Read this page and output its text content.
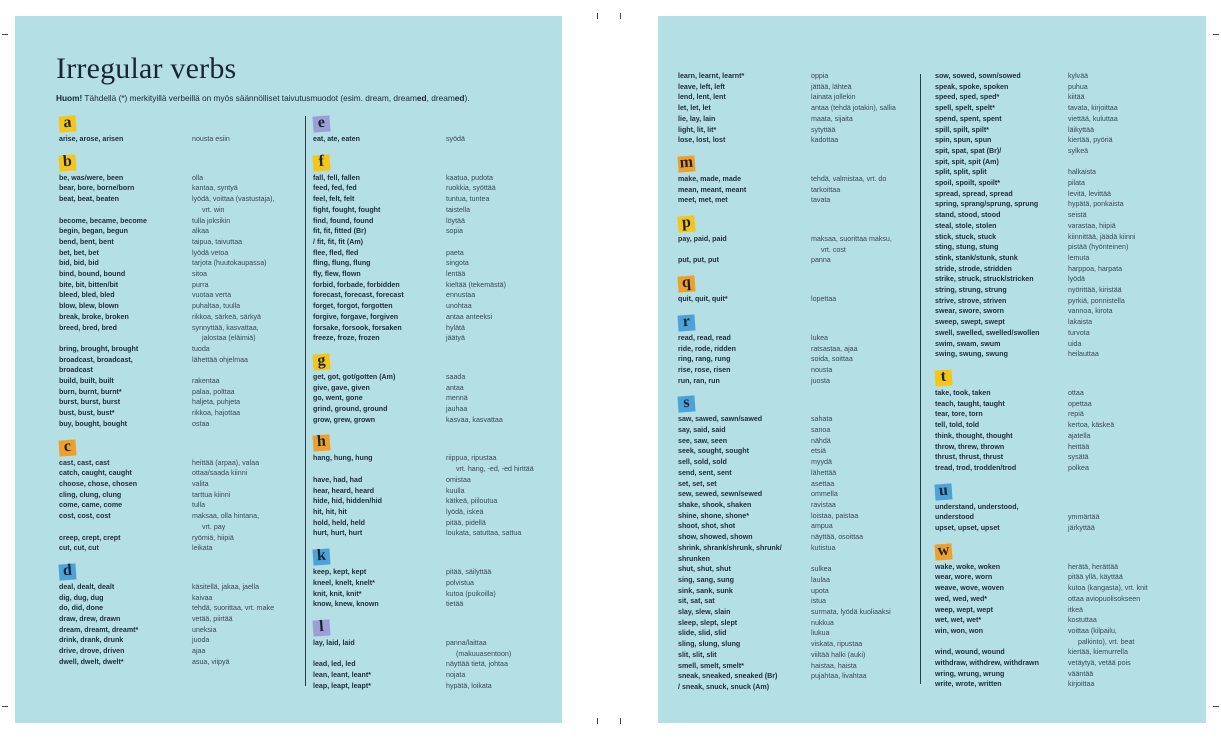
Irregular verbs

Huom! Tähdellä (*) merkityillä verbeillä on myös säännölliset taivutusmuodot (esim. dream, dreamed, dreamed).

a
arise, arose, arisen	nousta esiin
b
be, was/were, been	olla
bear, bore, borne/born	kantaa, syntyä
beat, beat, beaten	lyödä, voittaa (vastustaja),
vrt. win
become, became, become	tulla joksikin
begin, began, begun	alkaa
bend, bent, bent	taipua, taivuttaa
bet, bet, bet	lyödä vetoa
bid, bid, bid	tarjota (huutokaupassa)
bind, bound, bound	sitoa
bite, bit, bitten/bit	purra
bleed, bled, bled	vuotaa verta
blow, blew, blown	puhaltaa, tuulla
break, broke, broken	rikkoa, särkeä, särkyä
breed, bred, bred	synnyttää, kasvattaa,
jalostaa (eläimiä)
bring, brought, brought	tuoda
broadcast, broadcast,	lähettää ohjelmaa
broadcast
build, built, built	rakentaa
burn, burnt, burnt*	palaa, polttaa
burst, burst, burst	haljeta, puhjeta
bust, bust, bust*	rikkoa, hajottaa
buy, bought, bought	ostaa
c
cast, cast, cast	heittää (arpaa), valaa
catch, caught, caught	ottaa/saada kiinni
choose, chose, chosen	valita
cling, clung, clung	tarttua kiinni
come, came, come	tulla
cost, cost, cost	maksaa, olla hintana,
vrt. pay
creep, crept, crept	ryömiä, hiipiä
cut, cut, cut	leikata
d
deal, dealt, dealt	käsitellä, jakaa, jaella
dig, dug, dug	kaivaa
do, did, done	tehdä, suorittaa, vrt. make
draw, drew, drawn	vetää, piirtää
dream, dreamt, dreamt*	uneksia
drink, drank, drunk	juoda
drive, drove, driven	ajaa
dwell, dwelt, dwelt*	asua, viipyä
e
eat, ate, eaten	syödä
f
fall, fell, fallen	kaatua, pudota
feed, fed, fed	ruokkia, syöttää
feel, felt, felt	tuntua, tuntea
fight, fought, fought	taistella
find, found, found	löytää
fit, fit, fitted (Br)	sopia
/ fit, fit, fit (Am)
flee, fled, fled	paeta
fling, flung, flung	singota
fly, flew, flown	lentää
forbid, forbade, forbidden	kieltää (tekemästä)
forecast, forecast, forecast	ennustaa
forget, forgot, forgotten	unohtaa
forgive, forgave, forgiven	antaa anteeksi
forsake, forsook, forsaken	hylätä
freeze, froze, frozen	jäätyä
g
get, got, got/gotten (Am)	saada
give, gave, given	antaa
go, went, gone	mennä
grind, ground, ground	jauhaa
grow, grew, grown	kasvaa, kasvattaa
h
hang, hung, hung	riippua, ripustaa
vrt. hang, -ed, -ed hirttää
have, had, had	omistaa
hear, heard, heard	kuulla
hide, hid, hidden/hid	kätkeä, piiloutua
hit, hit, hit	lyödä, iskeä
hold, held, held	pitää, pidellä
hurt, hurt, hurt	loukata, satuttaa, sattua
k
keep, kept, kept	pitää, säilyttää
kneel, knelt, knelt*	polvistua
knit, knit, knit*	kutoa (puikoilla)
know, knew, known	tietää
l
lay, laid, laid	panna/laittaa
(makuuasentoon)
lead, led, led	näyttää tietä, johtaa
lean, leant, leant*	nojata
leap, leapt, leapt*	hypätä, loikata
learn, learnt, learnt*	oppia
leave, left, left	jättää, lähteä
lend, lent, lent	lainata jollekin
let, let, let	antaa (tehdä jotakin), sallia
lie, lay, lain	maata, sijaita
light, lit, lit*	sytyttää
lose, lost, lost	kadottaa
m
make, made, made	tehdä, valmistaa, vrt. do
mean, meant, meant	tarkoittaa
meet, met, met	tavata
p
pay, paid, paid	maksaa, suorittaa maksu,
vrt. cost
put, put, put	panna
q
quit, quit, quit*	lopettaa
r
read, read, read	lukea
ride, rode, ridden	ratsastaa, ajaa
ring, rang, rung	soida, soittaa
rise, rose, risen	nousta
run, ran, run	juosta
s
saw, sawed, sawn/sawed	sahata
say, said, said	sanoa
see, saw, seen	nähdä
seek, sought, sought	etsiä
sell, sold, sold	myydä
send, sent, sent	lähettää
set, set, set	asettaa
sew, sewed, sewn/sewed	ommella
shake, shook, shaken	ravistaa
shine, shone, shone*	loistaa, paistaa
shoot, shot, shot	ampua
show, showed, shown	näyttää, osoittaa
shrink, shrank/shrunk, shrunk/	kutistua
shrunken
shut, shut, shut	sulkea
sing, sang, sung	laulaa
sink, sank, sunk	upota
sit, sat, sat	istua
slay, slew, slain	surmata, lyödä kuoliaaksi
sleep, slept, slept	nukkua
slide, slid, slid	liukua
sling, slung, slung	viskata, ripustaa
slit, slit, slit	viiltää halki (auki)
smell, smelt, smelt*	haistaa, haista
sneak, sneaked, sneaked (Br)	pujahtaa, livahtaa
/ sneak, snuck, snuck (Am)
sow, sowed, sown/sowed	kylvää
speak, spoke, spoken	puhua
speed, sped, sped*	kiitää
spell, spelt, spelt*	tavata, kirjoittaa
spend, spent, spent	viettää, kuluttaa
spill, spilt, spilt*	läikyttää
spin, spun, spun	kiertää, pyöriä
spit, spat, spat (Br)/	sylkeä
spit, spit, spit (Am)
split, split, split	halkaista
spoil, spoilt, spoilt*	pilata
spread, spread, spread	levitä, levittää
spring, sprang/sprung, sprung	hypätä, ponkaista
stand, stood, stood	seistä
steal, stole, stolen	varastaa, hiipiä
stick, stuck, stuck	kiinnittää, jäädä kiinni
sting, stung, stung	pistää (hyönteinen)
stink, stank/stunk, stunk	lemuta
stride, strode, stridden	harppoa, harpata
strike, struck, struck/stricken	lyödä
string, strung, strung	nyörittää, kiristää
strive, strove, striven	pyrkiä, ponnistella
swear, swore, sworn	vannoa, kirota
sweep, swept, swept	lakaista
swell, swelled, swelled/swollen	turvota
swim, swam, swum	uida
swing, swung, swung	heilauttaa
t
take, took, taken	ottaa
teach, taught, taught	opettaa
tear, tore, torn	repiä
tell, told, told	kertoa, käskeä
think, thought, thought	ajatella
throw, threw, thrown	heittää
thrust, thrust, thrust	sysätä
tread, trod, trodden/trod	polkea
u
understand, understood,
understood	ymmärtää
upset, upset, upset	järkyttää
w
wake, woke, woken	herätä, herättää
wear, wore, worn	pitää yllä, käyttää
weave, wove, woven	kutoa (kangasta), vrt. knit
wed, wed, wed*	ottaa aviopuolisokseen
weep, wept, wept	itkeä
wet, wet, wet*	kostuttaa
win, won, won	voittaa (kilpailu,
palkinto), vrt. beat
wind, wound, wound	kiertää, kiemurrella
withdraw, withdrew, withdrawn	vetäytyä, vetää pois
wring, wrung, wrung	vääntää
write, wrote, written	kirjoittaa
